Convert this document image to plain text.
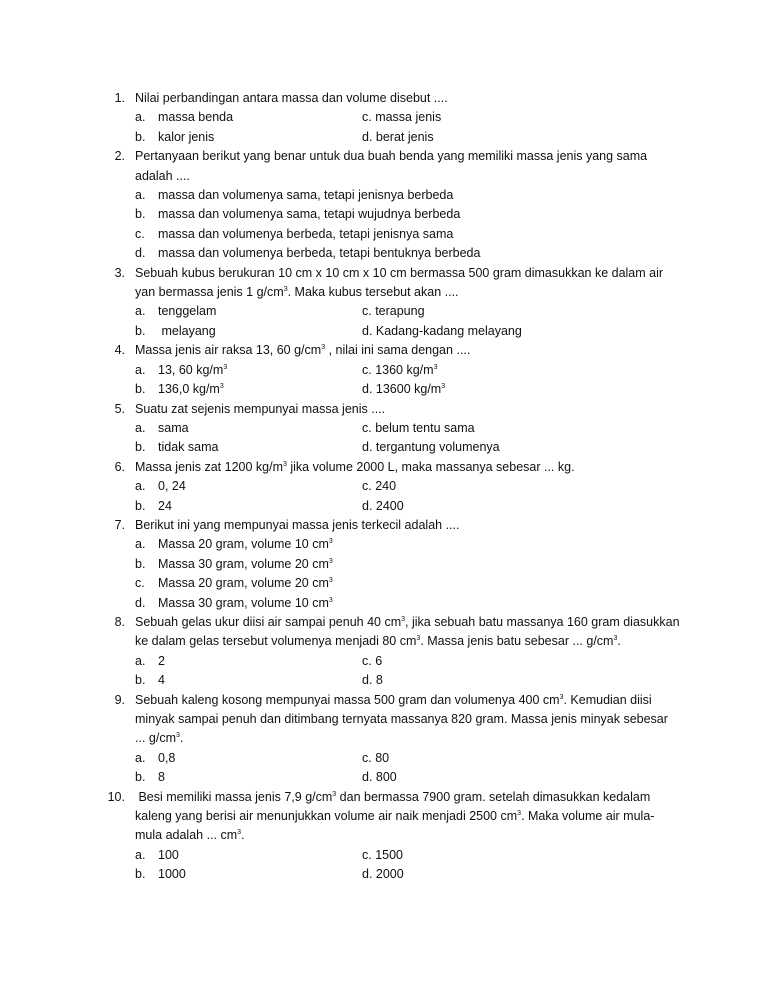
1. Nilai perbandingan antara massa dan volume disebut ....
a.	massa benda	c. massa jenis
b.	kalor jenis	d. berat jenis
2. Pertanyaan berikut yang benar untuk dua buah benda yang memiliki massa jenis yang sama
adalah ....
a.	massa dan volumenya sama, tetapi jenisnya berbeda
b.	massa dan volumenya sama, tetapi wujudnya berbeda
c.	massa dan volumenya berbeda, tetapi jenisnya sama
d.	massa dan volumenya berbeda, tetapi bentuknya berbeda
3. Sebuah kubus berukuran 10 cm x 10 cm x 10 cm bermassa 500 gram dimasukkan ke dalam air
yan bermassa jenis 1 $g/cm^3$. Maka kubus tersebut akan ....
a.	tenggelam	c. terapung
b.	melayang	d. Kadang-kadang melayang
4. Massa jenis air raksa 13, 60 $g/cm^3$ , nilai ini sama dengan ....
a.	13, 60 $kg/m^3$	c. 1360 $kg/m^3$
b.	136,0 $kg/m^3$	d. 13600 $kg/m^3$
5. Suatu zat sejenis mempunyai massa jenis ....
a.	sama	c. belum tentu sama
b.	tidak sama	d. tergantung volumenya
6. Massa jenis zat 1200 $kg/m^3$ jika volume 2000 L, maka massanya sebesar ... kg.
a.	0, 24	c. 240
b.	24	d. 2400
7. Berikut ini yang mempunyai massa jenis terkecil adalah ....
a.	Massa 20 gram, volume 10 $cm^3$
b.	Massa 30 gram, volume 20 $cm^3$
c.	Massa 20 gram, volume 20 $cm^3$
d.	Massa 30 gram, volume 10 $cm^3$
8. Sebuah gelas ukur diisi air sampai penuh 40 $cm^3$, jika sebuah batu massanya 160 gram diasukkan
ke dalam gelas tersebut volumenya menjadi 80 $cm^3$. Massa jenis batu sebesar ... $g/cm^3$.
a.	2	c. 6
b.	4	d. 8
9. Sebuah kaleng kosong mempunyai massa 500 gram dan volumenya 400 $cm^3$. Kemudian diisi
minyak sampai penuh dan ditimbang ternyata massanya 820 gram. Massa jenis minyak sebesar
... $g/cm^3$.
a.	0,8	c. 80
b.	8	d. 800
10. Besi memiliki massa jenis 7,9 $g/cm^3$ dan bermassa 7900 gram. setelah dimasukkan kedalam
kaleng yang berisi air menunjukkan volume air naik menjadi 2500 $cm^3$. Maka volume air mula-
mula adalah ... $cm^3$.
a.	100	c. 1500
b.	1000	d. 2000
